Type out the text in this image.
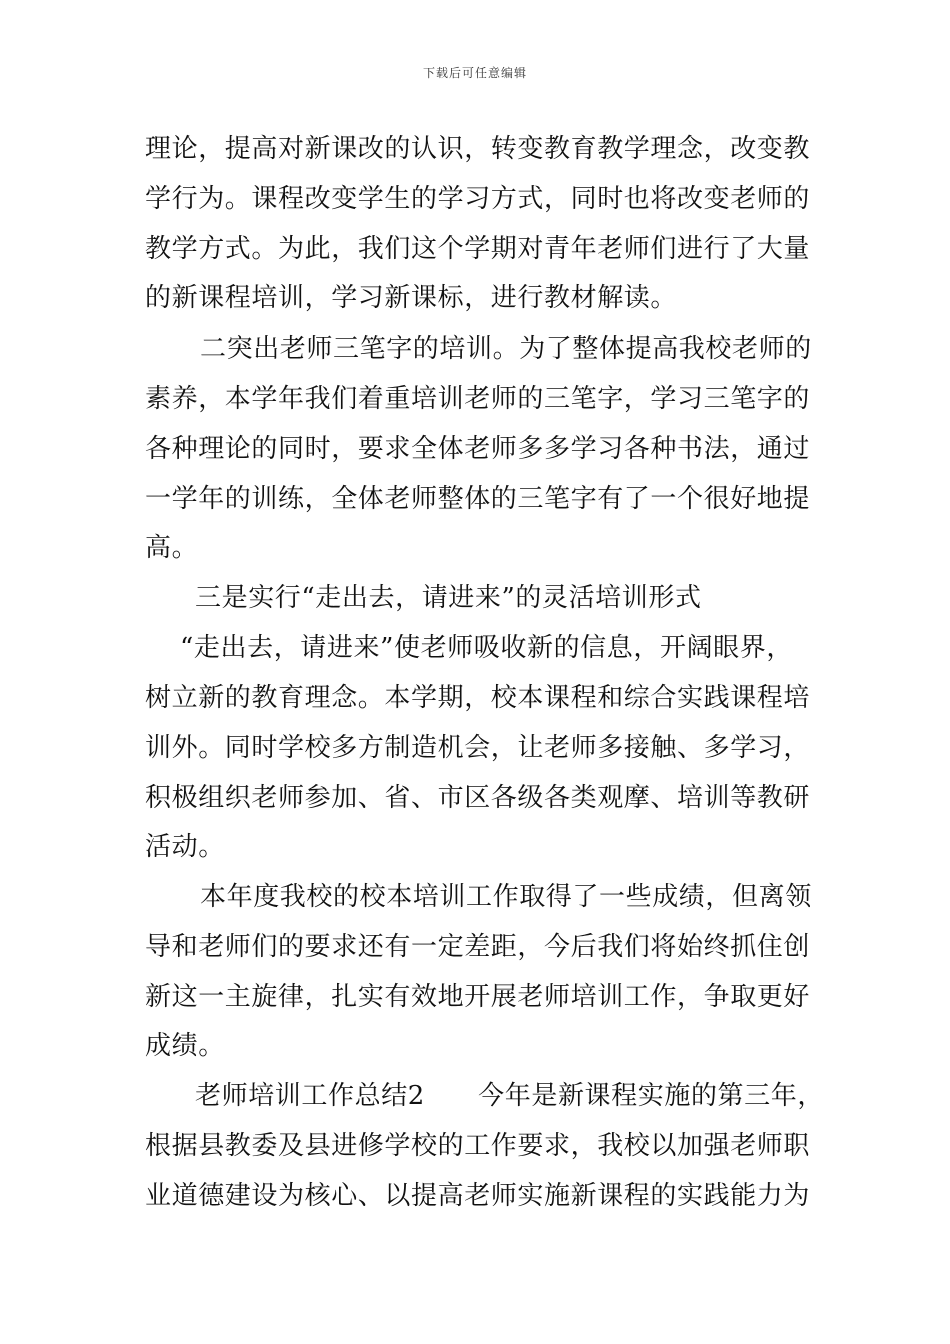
下载后可任意编辑
理论，提高对新课改的认识，转变教育教学理念，改变教
学行为。课程改变学生的学习方式，同时也将改变老师的
教学方式。为此，我们这个学期对青年老师们进行了大量
的新课程培训，学习新课标，进行教材解读。
二突出老师三笔字的培训。为了整体提高我校老师的
素养，本学年我们着重培训老师的三笔字，学习三笔字的
各种理论的同时，要求全体老师多多学习各种书法，通过
一学年的训练，全体老师整体的三笔字有了一个很好地提
高。
三是实行“走出去，请进来”的灵活培训形式
“走出去，请进来”使老师吸收新的信息，开阔眼界，
树立新的教育理念。本学期，校本课程和综合实践课程培
训外。同时学校多方制造机会，让老师多接触、多学习，
积极组织老师参加、省、市区各级各类观摩、培训等教研
活动。
本年度我校的校本培训工作取得了一些成绩，但离领
导和老师们的要求还有一定差距，今后我们将始终抓住创
新这一主旋律，扎实有效地开展老师培训工作，争取更好
成绩。
老师培训工作总结2　　今年是新课程实施的第三年，
根据县教委及县进修学校的工作要求，我校以加强老师职
业道德建设为核心、以提高老师实施新课程的实践能力为
